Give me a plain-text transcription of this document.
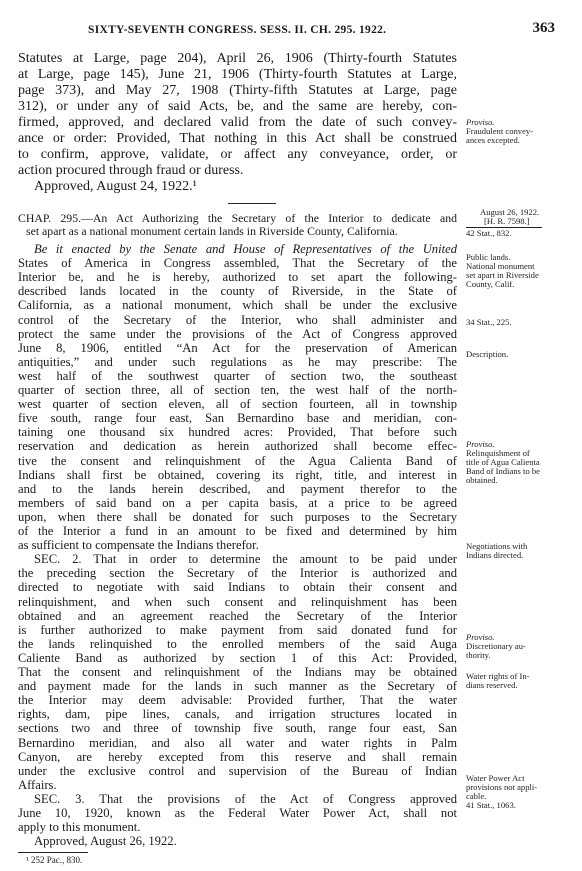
SIXTY-SEVENTH CONGRESS. SESS. II. CH. 295. 1922.	363
Statutes at Large, page 204), April 26, 1906 (Thirty-fourth Statutes
at Large, page 145), June 21, 1906 (Thirty-fourth Statutes at Large,
page 373), and May 27, 1908 (Thirty-fifth Statutes at Large, page
312), or under any of said Acts, be, and the same are hereby, con-
firmed, approved, and declared valid from the date of such convey-
ance or order: Provided, That nothing in this Act shall be construed
to confirm, approve, validate, or affect any conveyance, order, or
action procured through fraud or duress.
Approved, August 24, 1922.¹
CHAP. 295.—An Act Authorizing the Secretary of the Interior to dedicate and
set apart as a national monument certain lands in Riverside County, California.
Be it enacted by the Senate and House of Representatives of the United
States of America in Congress assembled, That the Secretary of the
Interior be, and he is hereby, authorized to set apart the following-
described lands located in the county of Riverside, in the State of
California, as a national monument, which shall be under the exclusive
control of the Secretary of the Interior, who shall administer and
protect the same under the provisions of the Act of Congress approved
June 8, 1906, entitled “An Act for the preservation of American
antiquities,” and under such regulations as he may prescribe: The
west half of the southwest quarter of section two, the southeast
quarter of section three, all of section ten, the west half of the north-
west quarter of section eleven, all of section fourteen, all in township
five south, range four east, San Bernardino base and meridian, con-
taining one thousand six hundred acres: Provided, That before such
reservation and dedication as herein authorized shall become effec-
tive the consent and relinquishment of the Agua Calienta Band of
Indians shall first be obtained, covering its right, title, and interest in
and to the lands herein described, and payment therefor to the
members of said band on a per capita basis, at a price to be agreed
upon, when there shall be donated for such purposes to the Secretary
of the Interior a fund in an amount to be fixed and determined by him
as sufficient to compensate the Indians therefor.
SEC. 2. That in order to determine the amount to be paid under
the preceding section the Secretary of the Interior is authorized and
directed to negotiate with said Indians to obtain their consent and
relinquishment, and when such consent and relinquishment has been
obtained and an agreement reached the Secretary of the Interior
is further authorized to make payment from said donated fund for
the lands relinquished to the enrolled members of the said Auga
Caliente Band as authorized by section 1 of this Act: Provided,
That the consent and relinquishment of the Indians may be obtained
and payment made for the lands in such manner as the Secretary of
the Interior may deem advisable: Provided further, That the water
rights, dam, pipe lines, canals, and irrigation structures located in
sections two and three of township five south, range four east, San
Bernardino meridian, and also all water and water rights in Palm
Canyon, are hereby excepted from this reserve and shall remain
under the exclusive control and supervision of the Bureau of Indian
Proviso.
Fraudulent convey-
ances excepted.
August 26, 1922.
[H. R. 7598.]
42 Stat., 832.
Public lands.
National monument
set apart in Riverside
County, Calif.
34 Stat., 225.
Description.
Proviso.
Relinquishment of
title of Agua Calienta
Band of Indians to be
obtained.
Negotiations with
Indians directed.
Proviso.
Discretionary au-
thority.
Water rights of In-
dians reserved.
Water Power Act
provisions not appli-
cable.
41 Stat., 1063.
Affairs.
SEC. 3. That the provisions of the Act of Congress approved
June 10, 1920, known as the Federal Water Power Act, shall not
apply to this monument.
Approved, August 26, 1922.
¹ 252 Pac., 830.
